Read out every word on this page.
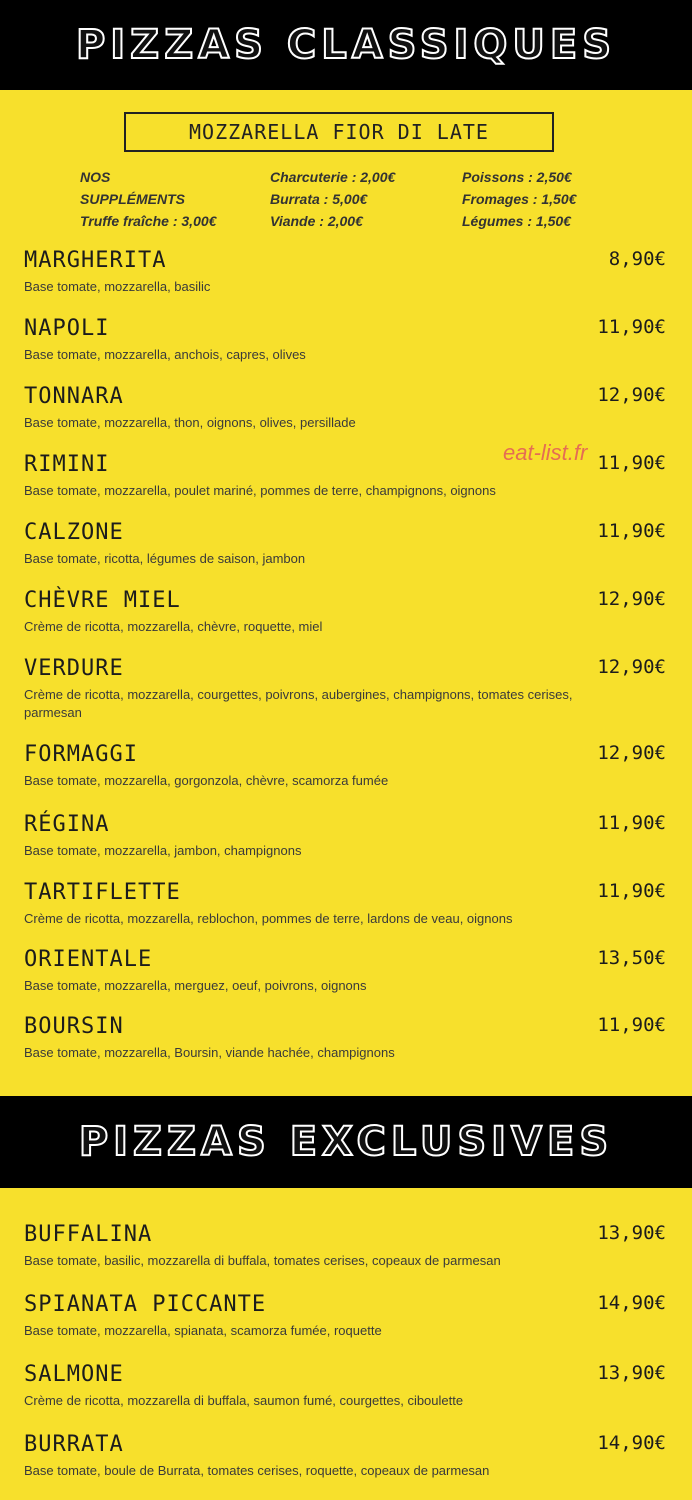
PIZZAS CLASSIQUES
MOZZARELLA FIOR DI LATE
NOS
SUPPLÉMENTS
Truffe fraîche : 3,00€
Charcuterie : 2,00€
Burrata : 5,00€
Viande : 2,00€
Poissons : 2,50€
Fromages : 1,50€
Légumes : 1,50€
MARGHERITA	8,90€
Base tomate, mozzarella, basilic
NAPOLI	11,90€
Base tomate, mozzarella, anchois, capres, olives
TONNARA	12,90€
Base tomate, mozzarella, thon, oignons, olives, persillade
RIMINI	11,90€
Base tomate, mozzarella, poulet mariné, pommes de terre, champignons, oignons
CALZONE	11,90€
Base tomate, ricotta, légumes de saison, jambon
CHÈVRE MIEL	12,90€
Crème de ricotta, mozzarella, chèvre, roquette, miel
VERDURE	12,90€
Crème de ricotta, mozzarella, courgettes, poivrons, aubergines, champignons, tomates cerises, parmesan
FORMAGGI	12,90€
Base tomate, mozzarella, gorgonzola, chèvre, scamorza fumée
RÉGINA	11,90€
Base tomate, mozzarella, jambon, champignons
TARTIFLETTE	11,90€
Crème de ricotta, mozzarella, reblochon, pommes de terre, lardons de veau, oignons
ORIENTALE	13,50€
Base tomate, mozzarella, merguez, oeuf, poivrons, oignons
BOURSIN	11,90€
Base tomate, mozzarella, Boursin, viande hachée, champignons
PIZZAS EXCLUSIVES
BUFFALINA	13,90€
Base tomate, basilic, mozzarella di buffala, tomates cerises, copeaux de parmesan
SPIANATA PICCANTE	14,90€
Base tomate, mozzarella, spianata, scamorza fumée, roquette
SALMONE	13,90€
Crème de ricotta, mozzarella di buffala, saumon fumé, courgettes, ciboulette
BURRATA	14,90€
Base tomate, boule de Burrata, tomates cerises, roquette, copeaux de parmesan
eat-list.fr
